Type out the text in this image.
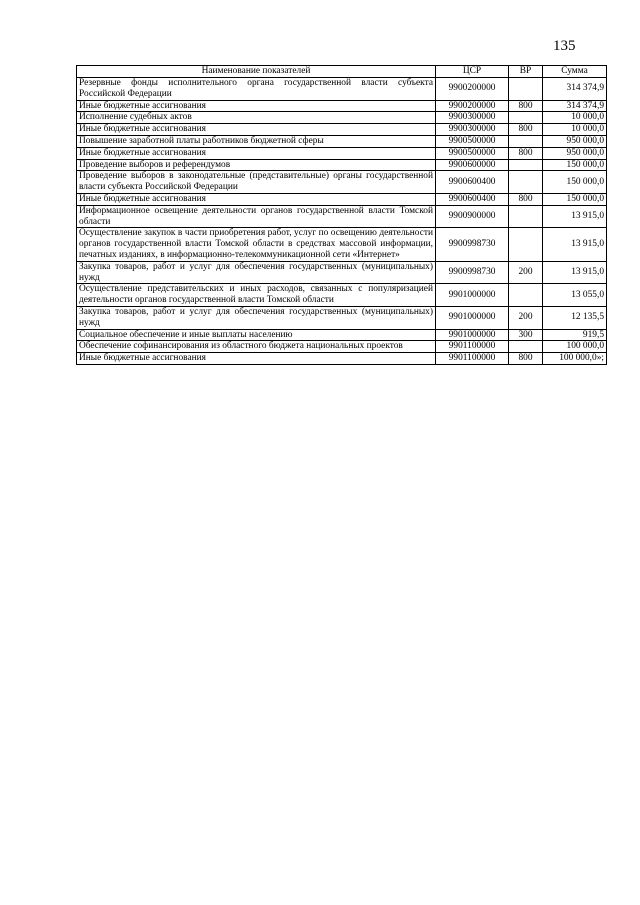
135
Наименование показателей	ЦСР	ВР	Сумма
Резервные фонды исполнительного органа государственной власти субъекта Российской Федерации	9900200000		314 374,9
Иные бюджетные ассигнования	9900200000	800	314 374,9
Исполнение судебных актов	9900300000		10 000,0
Иные бюджетные ассигнования	9900300000	800	10 000,0
Повышение заработной платы работников бюджетной сферы	9900500000		950 000,0
Иные бюджетные ассигнования	9900500000	800	950 000,0
Проведение выборов и референдумов	9900600000		150 000,0
Проведение выборов в законодательные (представительные) органы государственной власти субъекта Российской Федерации	9900600400		150 000,0
Иные бюджетные ассигнования	9900600400	800	150 000,0
Информационное освещение деятельности органов государственной власти Томской области	9900900000		13 915,0
Осуществление закупок в части приобретения работ, услуг по освещению деятельности органов государственной власти Томской области в средствах массовой информации, печатных изданиях, в информационно-телекоммуникационной сети «Интернет»	9900998730		13 915,0
Закупка товаров, работ и услуг для обеспечения государственных (муниципальных) нужд	9900998730	200	13 915,0
Осуществление представительских и иных расходов, связанных с популяризацией деятельности органов государственной власти Томской области	9901000000		13 055,0
Закупка товаров, работ и услуг для обеспечения государственных (муниципальных) нужд	9901000000	200	12 135,5
Социальное обеспечение и иные выплаты населению	9901000000	300	919,5
Обеспечение софинансирования из областного бюджета национальных проектов	9901100000		100 000,0
Иные бюджетные ассигнования	9901100000	800	100 000,0»;
